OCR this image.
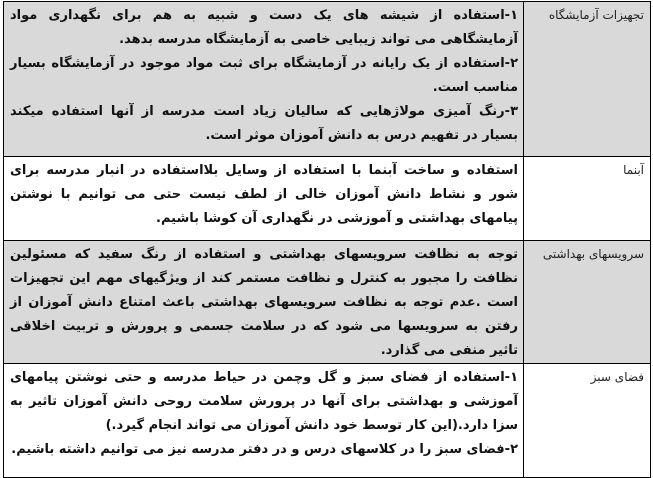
تجهیزات آزمایشگاه	۱-استفاده از شیشه های یک دست و شبیه به هم برای نگهداری مواد آزمایشگاهی می تواند زیبایی خاصی به آزمایشگاه مدرسه بدهد.

۲-استفاده از یک رایانه در آزمایشگاه برای ثبت مواد موجود در آزمایشگاه بسیار مناسب است.

۳-رنگ آمیزی مولاژهایی که سالیان زیاد است مدرسه از آنها استفاده میکند بسیار در تفهیم درس به دانش آموزان موثر است.

آبنما	استفاده و ساخت آبنما با استفاده از وسایل بلااستفاده در انبار مدرسه برای شور و نشاط دانش آموزان خالی از لطف نیست حتی می توانیم با نوشتن پیامهای بهداشتی و آموزشی در نگهداری آن کوشا باشیم.

سرویسهای بهداشتی	توجه به نظافت سرویسهای بهداشتی و استفاده از رنگ سفید که مسئولین نظافت را مجبور به کنترل و نظافت مستمر کند از ویژگیهای مهم این تجهیزات است .عدم توجه به نظافت سرویسهای بهداشتی باعث امتناع دانش آموزان از رفتن به سرویسها می شود که در سلامت جسمی و پرورش و تربیت اخلاقی تاثیر منفی می گذارد.

فضای سبز	۱-استفاده از فضای سبز و گل وچمن در حیاط مدرسه و حتی نوشتن پیامهای آموزشی و بهداشتی برای آنها در پرورش سلامت روحی دانش آموزان تاثیر به سزا دارد.(این کار توسط خود دانش آموزان می تواند انجام گیرد.)

۲-فضای سبز را در کلاسهای درس و در دفتر مدرسه نیز می توانیم داشته باشیم.
